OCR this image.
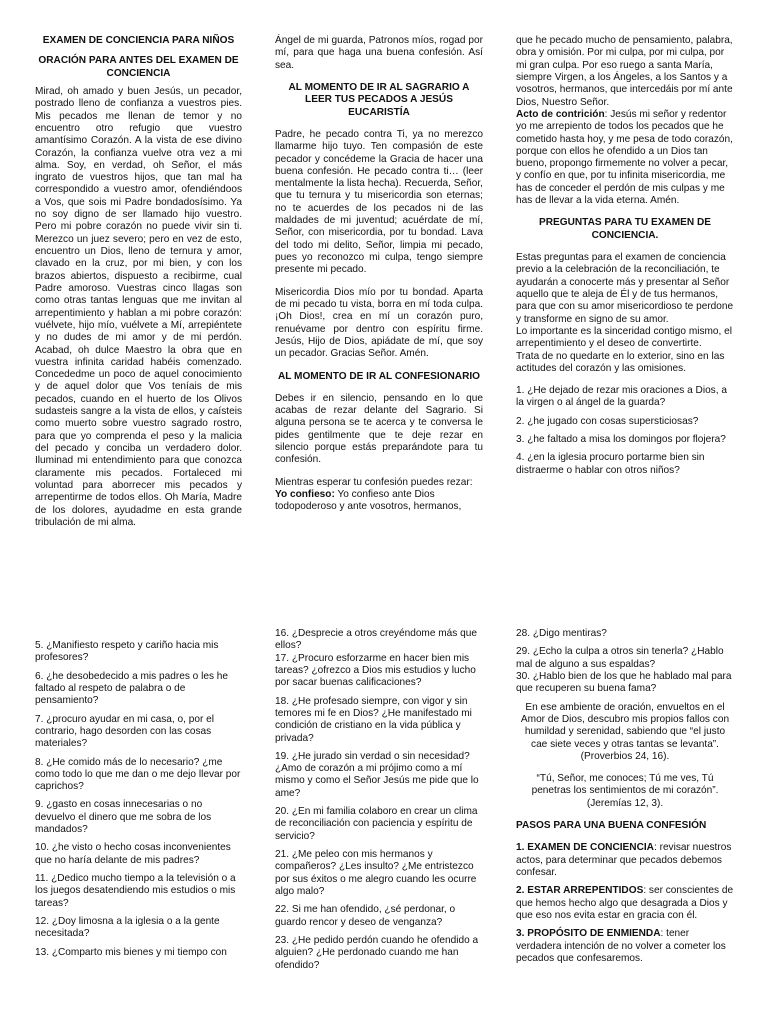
EXAMEN DE CONCIENCIA PARA NIÑOS

ORACIÓN PARA ANTES DEL EXAMEN DE CONCIENCIA

Mirad, oh amado y buen Jesús, un pecador, postrado lleno de confianza a vuestros pies. Mis pecados me llenan de temor y no encuentro otro refugio que vuestro amantísimo Corazón. A la vista de ese divino Corazón, la confianza vuelve otra vez a mi alma. Soy, en verdad, oh Señor, el más ingrato de vuestros hijos, que tan mal ha correspondido a vuestro amor, ofendiéndoos a Vos, que sois mi Padre bondadosísimo. Ya no soy digno de ser llamado hijo vuestro. Pero mi pobre corazón no puede vivir sin ti. Merezco un juez severo; pero en vez de esto, encuentro un Dios, lleno de ternura y amor, clavado en la cruz, por mi bien, y con los brazos abiertos, dispuesto a recibirme, cual Padre amoroso. Vuestras cinco llagas son como otras tantas lenguas que me invitan al arrepentimiento y hablan a mi pobre corazón: vuélvete, hijo mío, vuélvete a Mí, arrepiéntete y no dudes de mi amor y de mi perdón. Acabad, oh dulce Maestro la obra que en vuestra infinita caridad habéis comenzado. Concededme un poco de aquel conocimiento y de aquel dolor que Vos teníais de mis pecados, cuando en el huerto de los Olivos sudasteis sangre a la vista de ellos, y caísteis como muerto sobre vuestro sagrado rostro, para que yo comprenda el peso y la malicia del pecado y conciba un verdadero dolor. Iluminad mi entendimiento para que conozca claramente mis pecados. Fortaleced mi voluntad para aborrecer mis pecados y arrepentirme de todos ellos. Oh María, Madre de los dolores, ayudadme en esta grande tribulación de mi alma.

Ángel de mi guarda, Patronos míos, rogad por mí, para que haga una buena confesión. Así sea.

AL MOMENTO DE IR AL SAGRARIO A LEER TUS PECADOS A JESÚS EUCARISTÍA

Padre, he pecado contra Ti, ya no merezco llamarme hijo tuyo. Ten compasión de este pecador y concédeme la Gracia de hacer una buena confesión. He pecado contra ti… (leer mentalmente la lista hecha). Recuerda, Señor, que tu ternura y tu misericordia son eternas; no te acuerdes de los pecados ni de las maldades de mi juventud; acuérdate de mí, Señor, con misericordia, por tu bondad. Lava del todo mi delito, Señor, limpia mi pecado, pues yo reconozco mi culpa, tengo siempre presente mi pecado.

Misericordia Dios mío por tu bondad. Aparta de mi pecado tu vista, borra en mí toda culpa. ¡Oh Dios!, crea en mí un corazón puro, renuévame por dentro con espíritu firme. Jesús, Hijo de Dios, apiádate de mí, que soy un pecador. Gracias Señor. Amén.

AL MOMENTO DE IR AL CONFESIONARIO

Debes ir en silencio, pensando en lo que acabas de rezar delante del Sagrario. Si alguna persona se te acerca y te conversa le pides gentilmente que te deje rezar en silencio porque estás preparándote para tu confesión.

Mientras esperar tu confesión puedes rezar:

Yo confieso: Yo confieso ante Dios todopoderoso y ante vosotros, hermanos,

que he pecado mucho de pensamiento, palabra, obra y omisión. Por mi culpa, por mi culpa, por mi gran culpa. Por eso ruego a santa María, siempre Virgen, a los Ángeles, a los Santos y a vosotros, hermanos, que intercedáis por mí ante Dios, Nuestro Señor.

Acto de contrición: Jesús mi señor y redentor yo me arrepiento de todos los pecados que he cometido hasta hoy, y me pesa de todo corazón, porque con ellos he ofendido a un Dios tan bueno, propongo firmemente no volver a pecar, y confío en que, por tu infinita misericordia, me has de conceder el perdón de mis culpas y me has de llevar a la vida eterna. Amén.

PREGUNTAS PARA TU EXAMEN DE CONCIENCIA.

Estas preguntas para el examen de conciencia previo a la celebración de la reconciliación, te ayudarán a conocerte más y presentar al Señor aquello que te aleja de Él y de tus hermanos, para que con su amor misericordioso te perdone y transforme en signo de su amor.

Lo importante es la sinceridad contigo mismo, el arrepentimiento y el deseo de convertirte.

Trata de no quedarte en lo exterior, sino en las actitudes del corazón y las omisiones.

1. ¿He dejado de rezar mis oraciones a Dios, a la virgen o al ángel de la guarda?

2. ¿he jugado con cosas supersticiosas?

3. ¿he faltado a misa los domingos por flojera?

4. ¿en la iglesia procuro portarme bien sin distraerme o hablar con otros niños?

5. ¿Manifiesto respeto y cariño hacia mis profesores?

6. ¿he desobedecido a mis padres o les he faltado al respeto de palabra o de pensamiento?

7. ¿procuro ayudar en mi casa, o, por el contrario, hago desorden con las cosas materiales?

8. ¿He comido más de lo necesario? ¿me como todo lo que me dan o me dejo llevar por caprichos?

9. ¿gasto en cosas innecesarias o no devuelvo el dinero que me sobra de los mandados?

10. ¿he visto o hecho cosas inconvenientes que no haría delante de mis padres?

11. ¿Dedico mucho tiempo a la televisión o a los juegos desatendiendo mis estudios o mis tareas?

12. ¿Doy limosna a la iglesia o a la gente necesitada?

13. ¿Comparto mis bienes y mi tiempo con

16. ¿Desprecie a otros creyéndome más que ellos?
17. ¿Procuro esforzarme en hacer bien mis tareas? ¿ofrezco a Dios mis estudios y lucho por sacar buenas calificaciones?

18. ¿He profesado siempre, con vigor y sin temores mi fe en Dios? ¿He manifestado mi condición de cristiano en la vida pública y privada?

19. ¿He jurado sin verdad o sin necesidad? ¿Amo de corazón a mi prójimo como a mí mismo y como el Señor Jesús me pide que lo ame?

20. ¿En mi familia colaboro en crear un clima de reconciliación con paciencia y espíritu de servicio?

21. ¿Me peleo con mis hermanos y compañeros? ¿Les insulto? ¿Me entristezco por sus éxitos o me alegro cuando les ocurre algo malo?

22. Si me han ofendido, ¿sé perdonar, o guardo rencor y deseo de venganza?

23. ¿He pedido perdón cuando he ofendido a alguien? ¿He perdonado cuando me han ofendido?

28. ¿Digo mentiras?

29. ¿Echo la culpa a otros sin tenerla? ¿Hablo mal de alguno a sus espaldas?
30. ¿Hablo bien de los que he hablado mal para que recuperen su buena fama?

En ese ambiente de oración, envueltos en el Amor de Dios, descubro mis propios fallos con humildad y serenidad, sabiendo que “el justo cae siete veces y otras tantas se levanta”.
(Proverbios 24, 16).

“Tú, Señor, me conoces; Tú me ves, Tú penetras los sentimientos de mi corazón”.
(Jeremías 12, 3).

PASOS PARA UNA BUENA CONFESIÓN

1. EXAMEN DE CONCIENCIA: revisar nuestros actos, para determinar que pecados debemos confesar.

2. ESTAR ARREPENTIDOS: ser conscientes de que hemos hecho algo que desagrada a Dios y que eso nos evita estar en gracia con él.

3. PROPÓSITO DE ENMIENDA: tener verdadera intención de no volver a cometer los pecados que confesaremos.
